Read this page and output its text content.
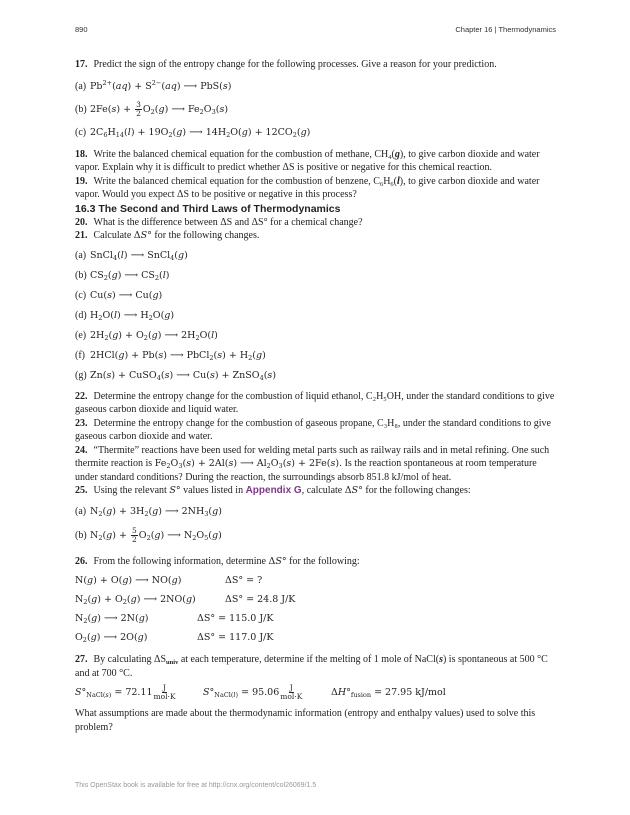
890	Chapter 16 | Thermodynamics

17. Predict the sign of the entropy change for the following processes. Give a reason for your prediction.

(a) $Pb^{2+}(aq) + S^{2-}(aq)$ ⟶ PbS(s)
(b) $2Fe(s) + \frac{3}{2} O_2(g)$ ⟶ $Fe_2O_3(s)$
(c) $2C_6H_{14}(l) + 19O_2(g)$ ⟶ $14H_2O(g) + 12CO_2(g)$

18. Write the balanced chemical equation for the combustion of methane, $CH_4(g)$, to give carbon dioxide and water vapor. Explain why it is difficult to predict whether ΔS is positive or negative for this chemical reaction.

19. Write the balanced chemical equation for the combustion of benzene, $C_6H_6(l)$, to give carbon dioxide and water vapor. Would you expect ΔS to be positive or negative in this process?

16.3 The Second and Third Laws of Thermodynamics

20. What is the difference between ΔS and ΔS° for a chemical change?

21. Calculate ΔS° for the following changes.

(a) SnCl$_4$(l) ⟶ SnCl$_4$(g)
(b) $CS_2(g)$ ⟶ $CS_2(l)$
(c) Cu(s) ⟶ Cu(g)
(d) $H_2O(l)$ ⟶ $H_2O(g)$
(e) $2H_2(g) + O_2(g)$ ⟶ $2H_2O(l)$
(f) 2HCl(g) + Pb(s) ⟶ PbCl$_2$(s) + $H_2(g)$
(g) Zn(s) + CuSO$_4$(s) ⟶ Cu(s) + ZnSO$_4$(s)

22. Determine the entropy change for the combustion of liquid ethanol, C₂H₅OH, under the standard conditions to give gaseous carbon dioxide and liquid water.

23. Determine the entropy change for the combustion of gaseous propane, C₃H₈, under the standard conditions to give gaseous carbon dioxide and water.

24. “Thermite” reactions have been used for welding metal parts such as railway rails and in metal refining. One such thermite reaction is $Fe_2O_3(s) + 2Al(s)$ ⟶ $Al_2O_3(s) + 2Fe(s)$. Is the reaction spontaneous at room temperature under standard conditions? During the reaction, the surroundings absorb 851.8 kJ/mol of heat.

25. Using the relevant S° values listed in Appendix G, calculate ΔS° for the following changes:

(a) $N_2(g) + 3H_2(g)$ ⟶ $2NH_3(g)$
(b) $N_2(g) + \frac{5}{2} O_2(g)$ ⟶ $N_2O_5(g)$

26. From the following information, determine ΔS° for the following:

N(g) + O(g) ⟶ NO(g)	ΔS° = ?
$N_2(g) + O_2(g)$ ⟶ 2NO(g)	ΔS° = 24.8 J/K
$N_2(g)$ ⟶ 2N(g)	ΔS° = 115.0 J/K
$O_2(g)$ ⟶ 2O(g)	ΔS° = 117.0 J/K

27. By calculating $\Delta S_{univ}$ at each temperature, determine if the melting of 1 mole of NaCl(s) is spontaneous at 500 °C and at 700 °C.

$S^\circ_{NaCl(s)} = 72.11 \frac{J}{\text{mol·K}}$	$S^\circ_{NaCl(l)} = 95.06 \frac{J}{\text{mol·K}}$	$\Delta H^\circ_{fusion} = 27.95$ kJ/mol

What assumptions are made about the thermodynamic information (entropy and enthalpy values) used to solve this problem?

This OpenStax book is available for free at http://cnx.org/content/col26069/1.5
